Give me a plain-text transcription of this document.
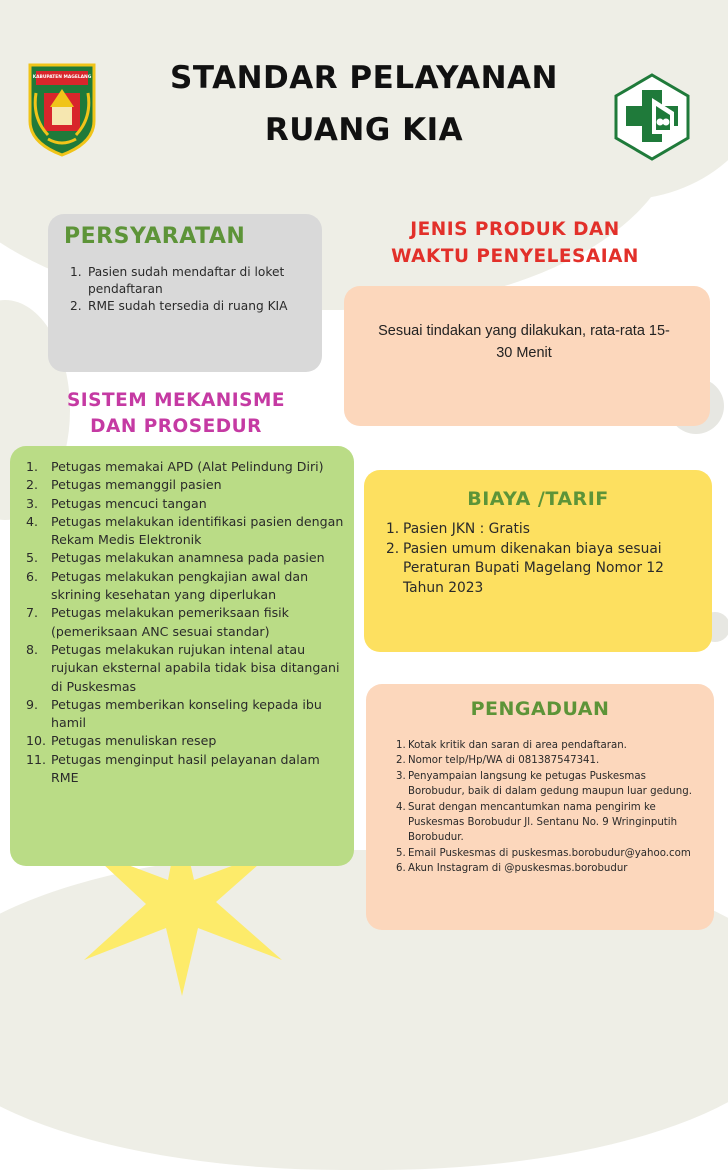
KABUPATEN MAGELANG	STANDAR PELAYANAN
RUANG KIA
PERSYARATAN
1. Pasien sudah mendaftar di loket pendaftaran
2. RME sudah tersedia di ruang KIA
JENIS PRODUK DAN
WAKTU PENYELESAIAN
Sesuai tindakan yang dilakukan, rata-rata 15-30 Menit
SISTEM MEKANISME
DAN PROSEDUR
1.	Petugas memakai APD (Alat Pelindung Diri)
2.	Petugas memanggil pasien
3.	Petugas mencuci tangan
4.	Petugas melakukan identifikasi pasien dengan Rekam Medis Elektronik
5.	Petugas melakukan anamnesa pada pasien
6.	Petugas melakukan pengkajian awal dan skrining kesehatan yang diperlukan
7.	Petugas melakukan pemeriksaan fisik (pemeriksaan ANC sesuai standar)
8.	Petugas melakukan rujukan intenal atau rujukan eksternal apabila tidak bisa ditangani di Puskesmas
9.	Petugas memberikan konseling kepada ibu hamil
10. Petugas menuliskan resep
11. Petugas menginput hasil pelayanan dalam RME
BIAYA /TARIF
1. Pasien JKN : Gratis
2. Pasien umum dikenakan biaya sesuai Peraturan Bupati Magelang Nomor 12 Tahun 2023
PENGADUAN
1. Kotak kritik dan saran di area pendaftaran.
2. Nomor telp/Hp/WA di 081387547341.
3. Penyampaian langsung ke petugas Puskesmas Borobudur, baik di dalam gedung maupun luar gedung.
4. Surat dengan mencantumkan nama pengirim ke Puskesmas Borobudur Jl. Sentanu No. 9 Wringinputih Borobudur.
5. Email Puskesmas di puskesmas.borobudur@yahoo.com
6. Akun Instagram di @puskesmas.borobudur
